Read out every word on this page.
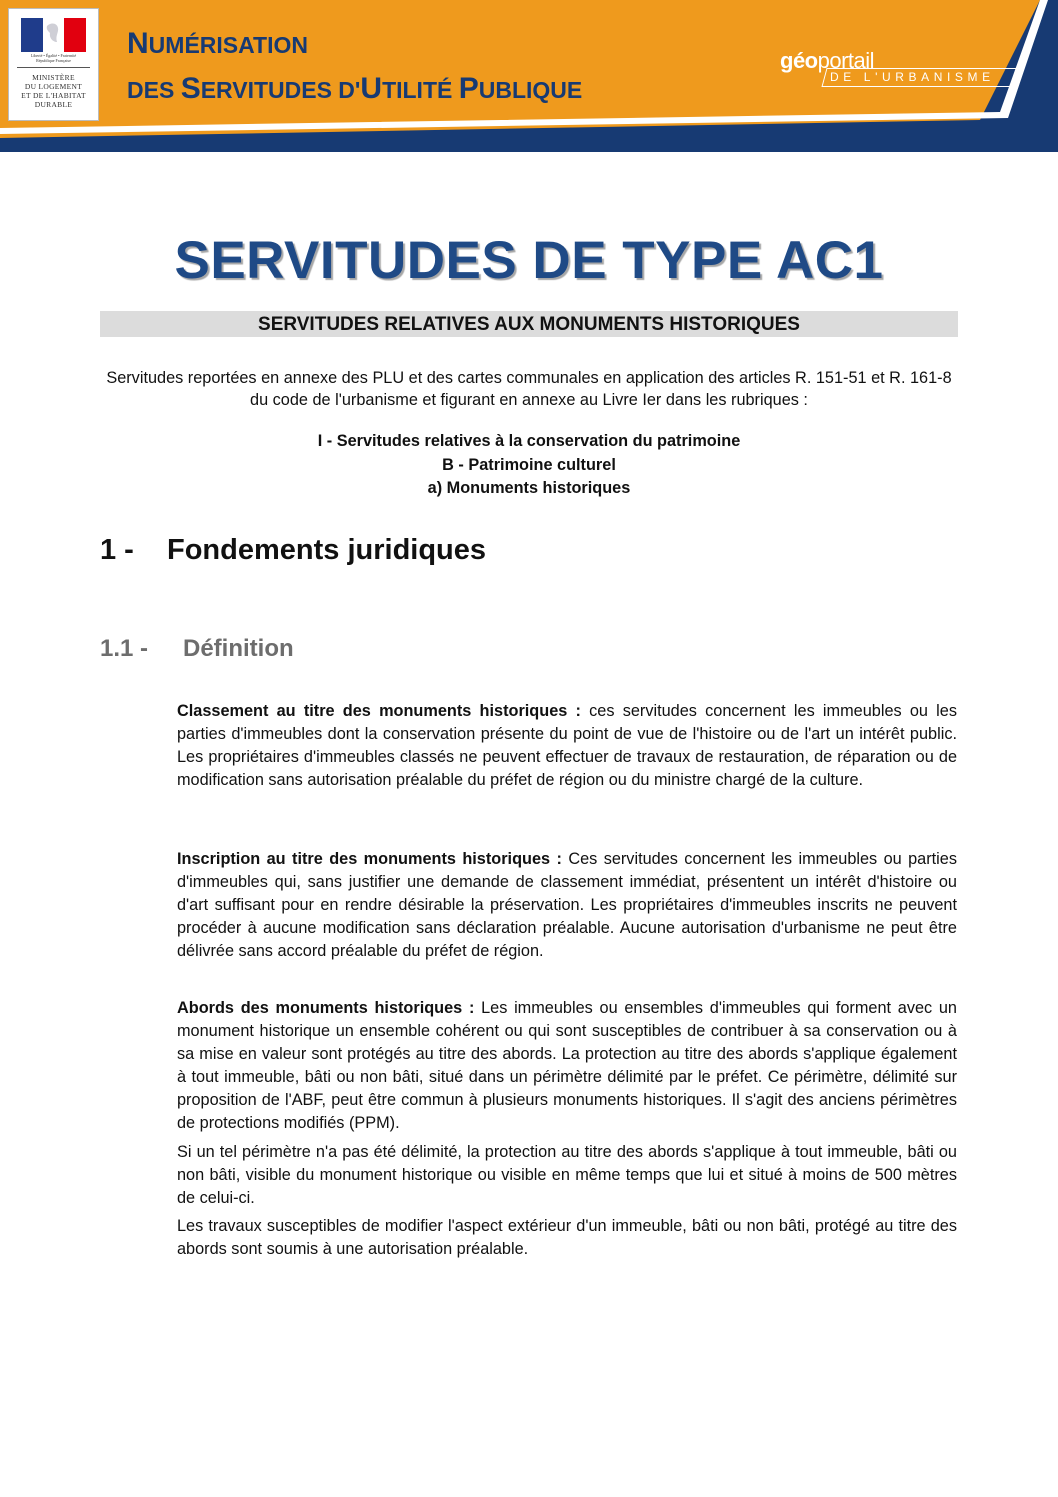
Liberté • Égalité • Fraternité
République Française
MINISTÈRE
DU LOGEMENT
ET DE L'HABITAT
DURABLE
NUMÉRISATION
DES SERVITUDES D'UTILITÉ PUBLIQUE
géoportail
DE L'URBANISME
SERVITUDES DE TYPE AC1
SERVITUDES RELATIVES AUX MONUMENTS HISTORIQUES
Servitudes reportées en annexe des PLU et des cartes communales en application des articles R. 151-51 et R. 161-8 du code de l'urbanisme et figurant en annexe au Livre Ier dans les rubriques :
I - Servitudes relatives à la conservation du patrimoine
B - Patrimoine culturel
a) Monuments historiques
1 - Fondements juridiques
1.1 - Définition

Classement au titre des monuments historiques : ces servitudes concernent les immeubles ou les parties d'immeubles dont la conservation présente du point de vue de l'histoire ou de l'art un intérêt public. Les propriétaires d'immeubles classés ne peuvent effectuer de travaux de restauration, de réparation ou de modification sans autorisation préalable du préfet de région ou du ministre chargé de la culture.

Inscription au titre des monuments historiques : Ces servitudes concernent les immeubles ou parties d'immeubles qui, sans justifier une demande de classement immédiat, présentent un intérêt d'histoire ou d'art suffisant pour en rendre désirable la préservation. Les propriétaires d'immeubles inscrits ne peuvent procéder à aucune modification sans déclaration préalable. Aucune autorisation d'urbanisme ne peut être délivrée sans accord préalable du préfet de région.

Abords des monuments historiques : Les immeubles ou ensembles d'immeubles qui forment avec un monument historique un ensemble cohérent ou qui sont susceptibles de contribuer à sa conservation ou à sa mise en valeur sont protégés au titre des abords. La protection au titre des abords s'applique également à tout immeuble, bâti ou non bâti, situé dans un périmètre délimité par le préfet. Ce périmètre, délimité sur proposition de l'ABF, peut être commun à plusieurs monuments historiques. Il s'agit des anciens périmètres de protections modifiés (PPM).

Si un tel périmètre n'a pas été délimité, la protection au titre des abords s'applique à tout immeuble, bâti ou non bâti, visible du monument historique ou visible en même temps que lui et situé à moins de 500 mètres de celui-ci.

Les travaux susceptibles de modifier l'aspect extérieur d'un immeuble, bâti ou non bâti, protégé au titre des abords sont soumis à une autorisation préalable.
